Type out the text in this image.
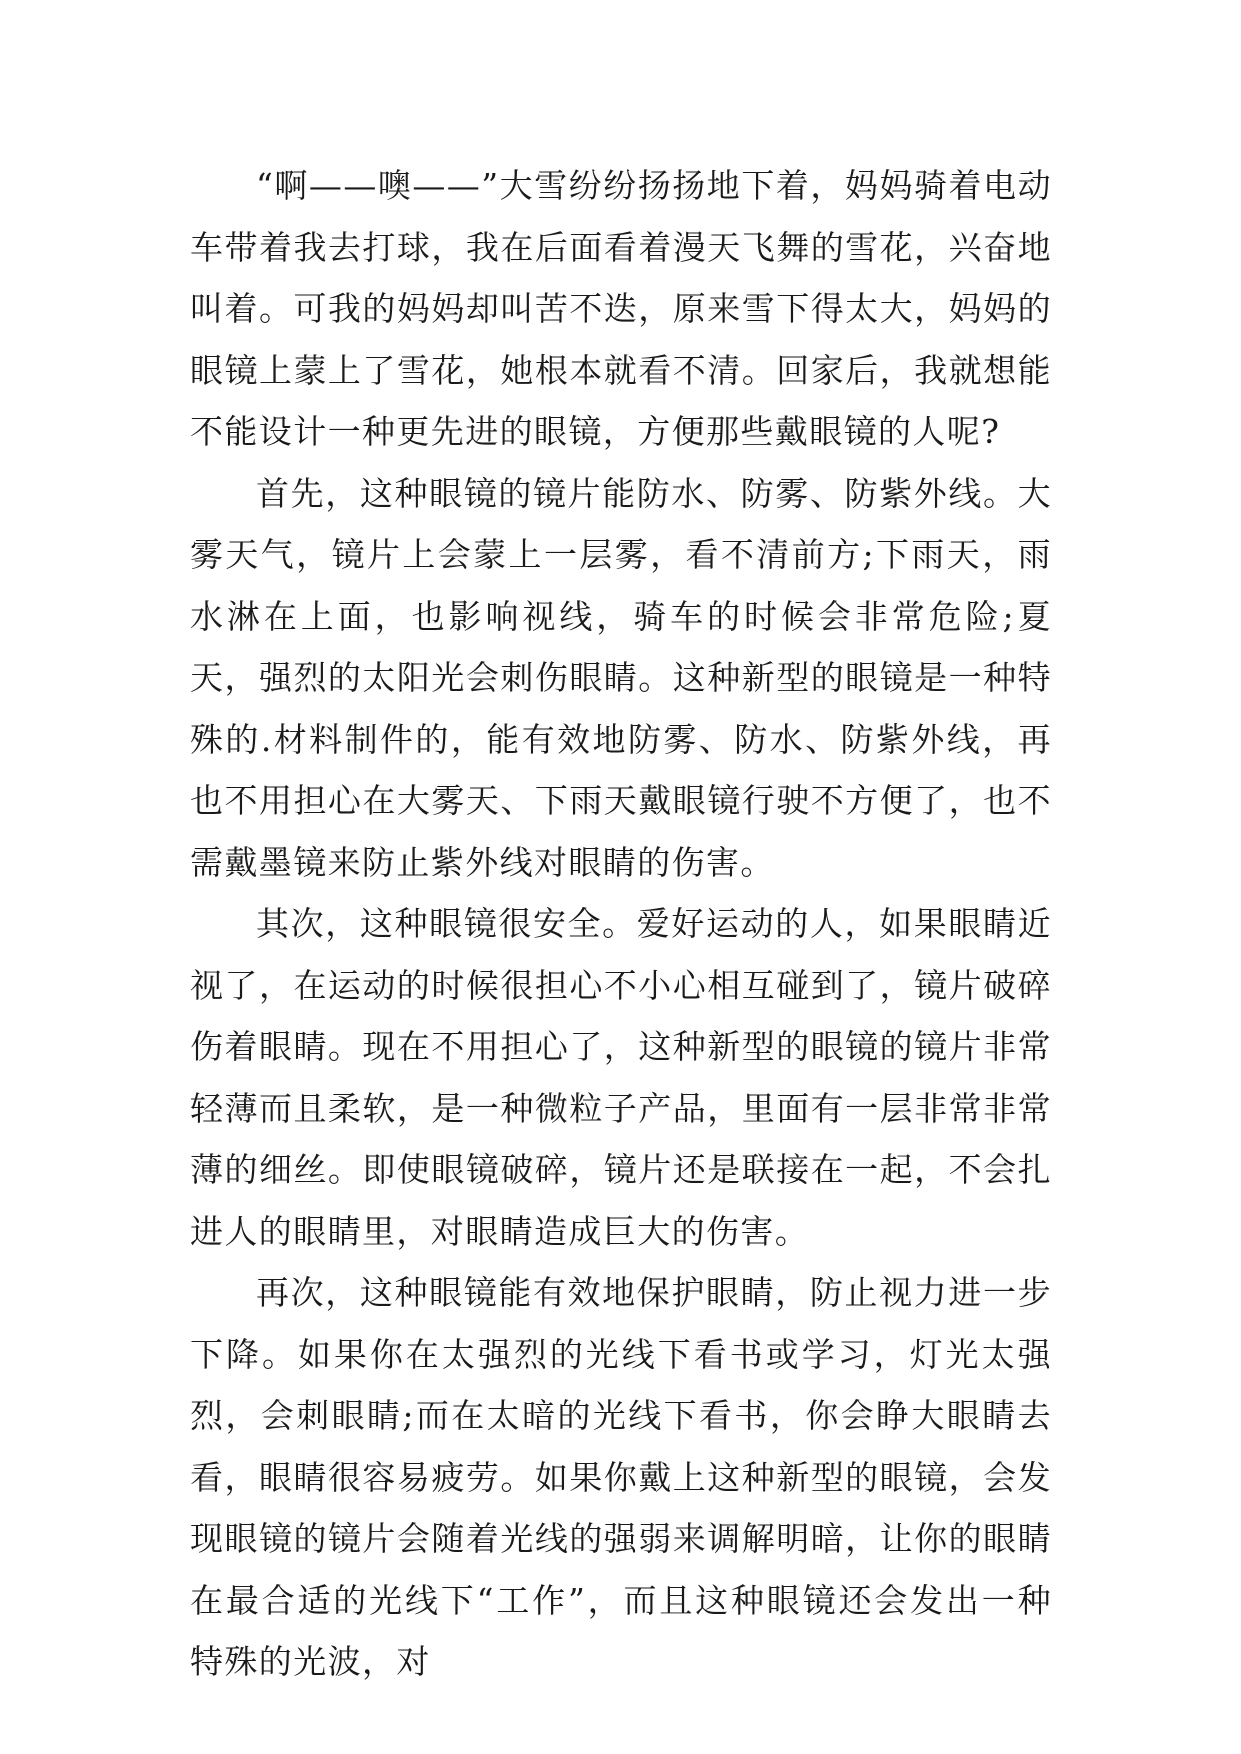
“啊——噢——”大雪纷纷扬扬地下着，妈妈骑着电动车带着我去打球，我在后面看着漫天飞舞的雪花，兴奋地叫着。可我的妈妈却叫苦不迭，原来雪下得太大，妈妈的眼镜上蒙上了雪花，她根本就看不清。回家后，我就想能不能设计一种更先进的眼镜，方便那些戴眼镜的人呢?

首先，这种眼镜的镜片能防水、防雾、防紫外线。大雾天气，镜片上会蒙上一层雾，看不清前方;下雨天，雨水淋在上面，也影响视线，骑车的时候会非常危险;夏天，强烈的太阳光会刺伤眼睛。这种新型的眼镜是一种特殊的.材料制件的，能有效地防雾、防水、防紫外线，再也不用担心在大雾天、下雨天戴眼镜行驶不方便了，也不需戴墨镜来防止紫外线对眼睛的伤害。

其次，这种眼镜很安全。爱好运动的人，如果眼睛近视了，在运动的时候很担心不小心相互碰到了，镜片破碎伤着眼睛。现在不用担心了，这种新型的眼镜的镜片非常轻薄而且柔软，是一种微粒子产品，里面有一层非常非常薄的细丝。即使眼镜破碎，镜片还是联接在一起，不会扎进人的眼睛里，对眼睛造成巨大的伤害。

再次，这种眼镜能有效地保护眼睛，防止视力进一步下降。如果你在太强烈的光线下看书或学习，灯光太强烈，会刺眼睛;而在太暗的光线下看书，你会睁大眼睛去看，眼睛很容易疲劳。如果你戴上这种新型的眼镜，会发现眼镜的镜片会随着光线的强弱来调解明暗，让你的眼睛在最合适的光线下“工作”，而且这种眼镜还会发出一种特殊的光波，对
